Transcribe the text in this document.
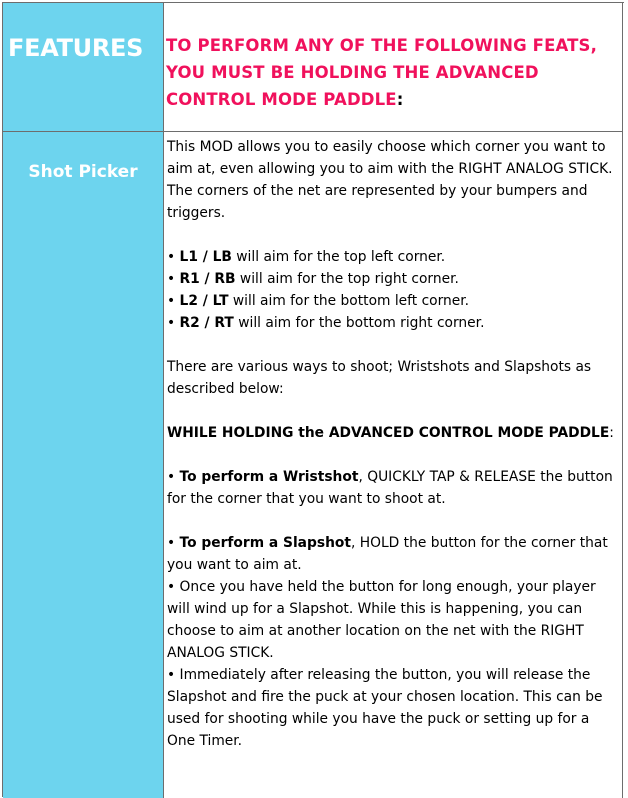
FEATURES TO PERFORM ANY OF THE FOLLOWING FEATS, YOU MUST BE HOLDING THE ADVANCED CONTROL MODE PADDLE:
Shot Picker

This MOD allows you to easily choose which corner you want to aim at, even allowing you to aim with the RIGHT ANALOG STICK. The corners of the net are represented by your bumpers and triggers.

• L1 / LB will aim for the top left corner.

• R1 / RB will aim for the top right corner.

• L2 / LT will aim for the bottom left corner.

• R2 / RT will aim for the bottom right corner.

There are various ways to shoot; Wristshots and Slapshots as described below:

WHILE HOLDING the ADVANCED CONTROL MODE PADDLE:

• To perform a Wristshot, QUICKLY TAP & RELEASE the button for the corner that you want to shoot at.

• To perform a Slapshot, HOLD the button for the corner that you want to aim at.

• Once you have held the button for long enough, your player will wind up for a Slapshot. While this is happening, you can choose to aim at another location on the net with the RIGHT ANALOG STICK.

• Immediately after releasing the button, you will release the Slapshot and fire the puck at your chosen location. This can be used for shooting while you have the puck or setting up for a One Timer.
